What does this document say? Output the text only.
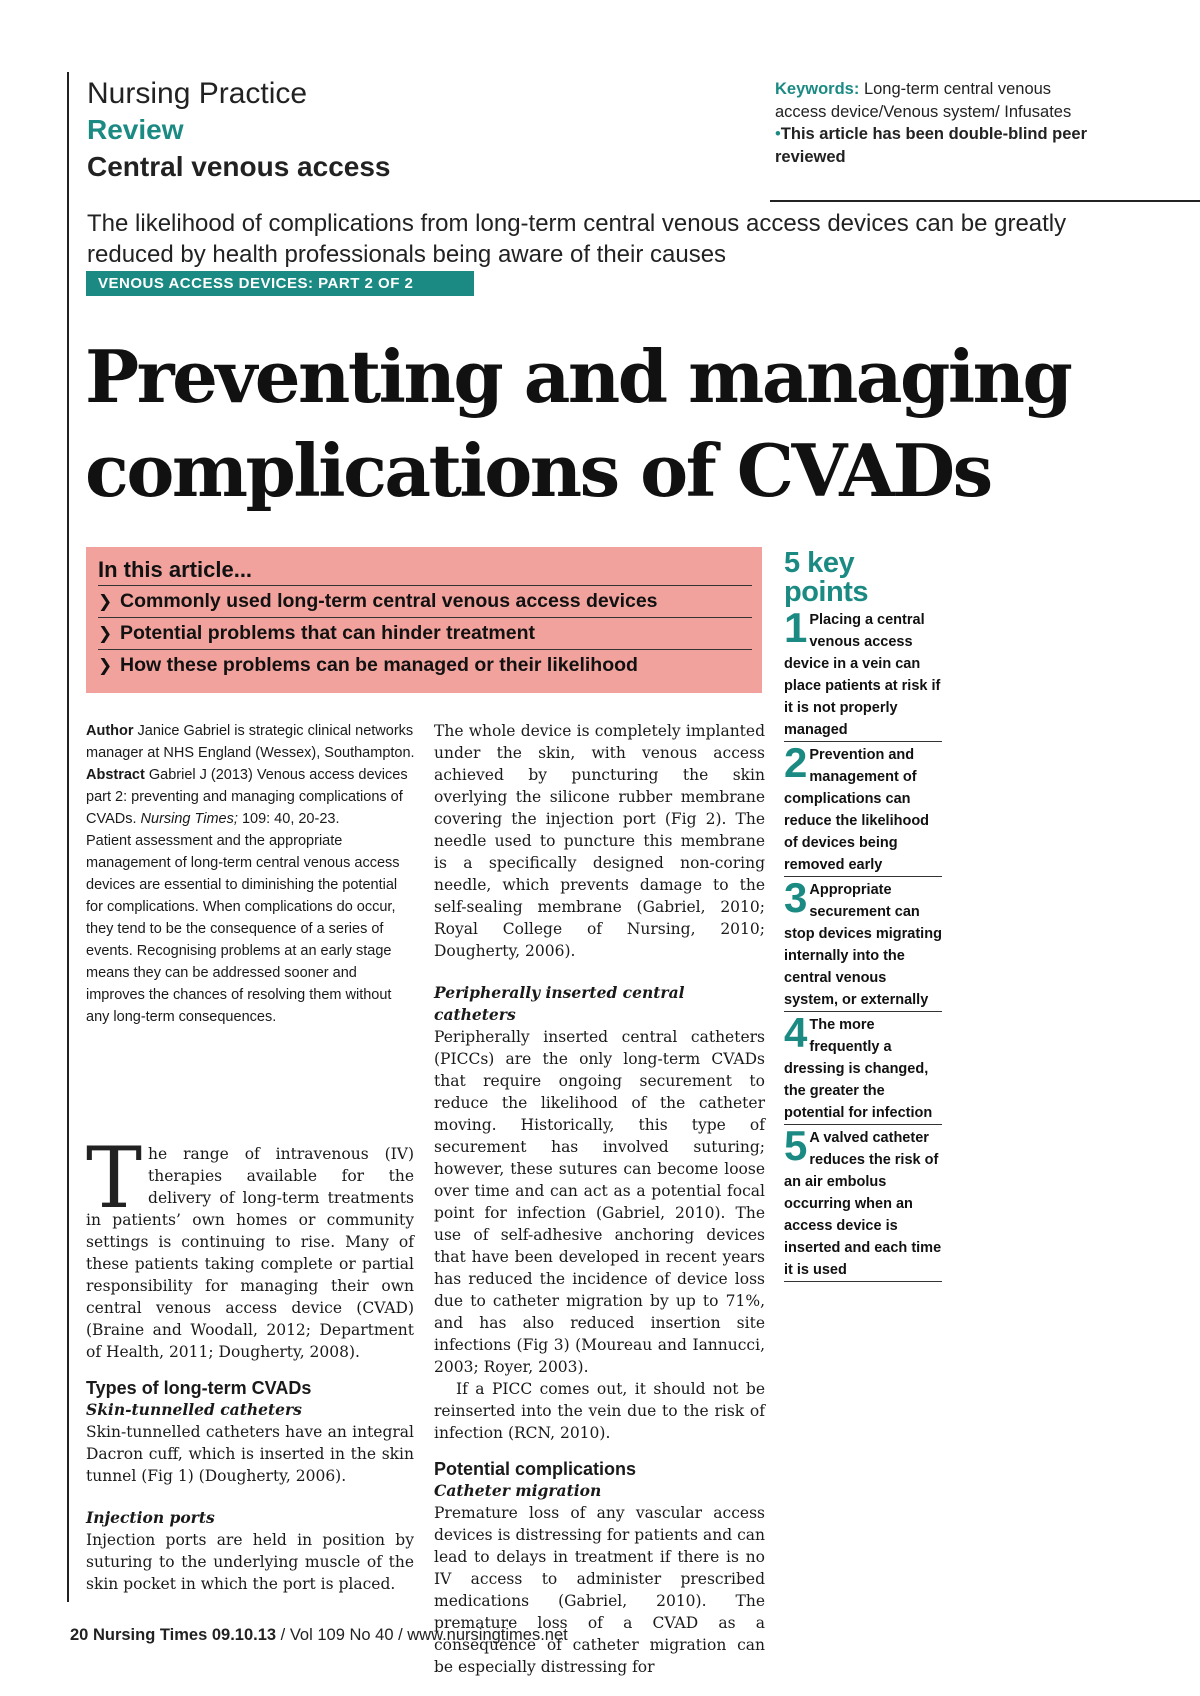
Nursing Practice
Review
Central venous access
Keywords: Long-term central venous access device/Venous system/ Infusates
•This article has been double-blind peer reviewed
The likelihood of complications from long-term central venous access devices can be greatly reduced by health professionals being aware of their causes
VENOUS ACCESS DEVICES: PART 2 OF 2
Preventing and managing
complications of CVADs
In this article...
❯ Commonly used long-term central venous access devices
❯ Potential problems that can hinder treatment
❯ How these problems can be managed or their likelihood
5 key
points
1 Placing a central venous access device in a vein can place patients at risk if it is not properly managed
2 Prevention and management of complications can reduce the likelihood of devices being removed early
3 Appropriate securement can stop devices migrating internally into the central venous system, or externally
4 The more frequently a dressing is changed, the greater the potential for infection
5 A valved catheter reduces the risk of an air embolus occurring when an access device is inserted and each time it is used

Author Janice Gabriel is strategic clinical networks manager at NHS England (Wessex), Southampton.

Abstract Gabriel J (2013) Venous access devices part 2: preventing and managing complications of CVADs. Nursing Times; 109: 40, 20-23.

Patient assessment and the appropriate management of long-term central venous access devices are essential to diminishing the potential for complications. When complications do occur, they tend to be the consequence of a series of events. Recognising problems at an early stage means they can be addressed sooner and improves the chances of resolving them without any long-term consequences.

The range of intravenous (IV) therapies available for the delivery of long-term treatments in patients’ own homes or community settings is continuing to rise. Many of these patients taking complete or partial responsibility for managing their own central venous access device (CVAD) (Braine and Woodall, 2012; Department of Health, 2011; Dougherty, 2008).

Types of long-term CVADs
Skin-tunnelled catheters

Skin-tunnelled catheters have an integral Dacron cuff, which is inserted in the skin tunnel (Fig 1) (Dougherty, 2006).

Injection ports

Injection ports are held in position by suturing to the underlying muscle of the skin pocket in which the port is placed.

The whole device is completely implanted under the skin, with venous access achieved by puncturing the skin overlying the silicone rubber membrane covering the injection port (Fig 2). The needle used to puncture this membrane is a specifically designed non-coring needle, which prevents damage to the self-sealing membrane (Gabriel, 2010; Royal College of Nursing, 2010; Dougherty, 2006).

Peripherally inserted central catheters

Peripherally inserted central catheters (PICCs) are the only long-term CVADs that require ongoing securement to reduce the likelihood of the catheter moving. Historically, this type of securement has involved suturing; however, these sutures can become loose over time and can act as a potential focal point for infection (Gabriel, 2010). The use of self-adhesive anchoring devices that have been developed in recent years has reduced the incidence of device loss due to catheter migration by up to 71%, and has also reduced insertion site infections (Fig 3) (Moureau and Iannucci, 2003; Royer, 2003).

If a PICC comes out, it should not be reinserted into the vein due to the risk of infection (RCN, 2010).

Potential complications
Catheter migration

Premature loss of any vascular access devices is distressing for patients and can lead to delays in treatment if there is no IV access to administer prescribed medications (Gabriel, 2010). The premature loss of a CVAD as a consequence of catheter migration can be especially distressing for

20 Nursing Times 09.10.13 / Vol 109 No 40 / www.nursingtimes.net
